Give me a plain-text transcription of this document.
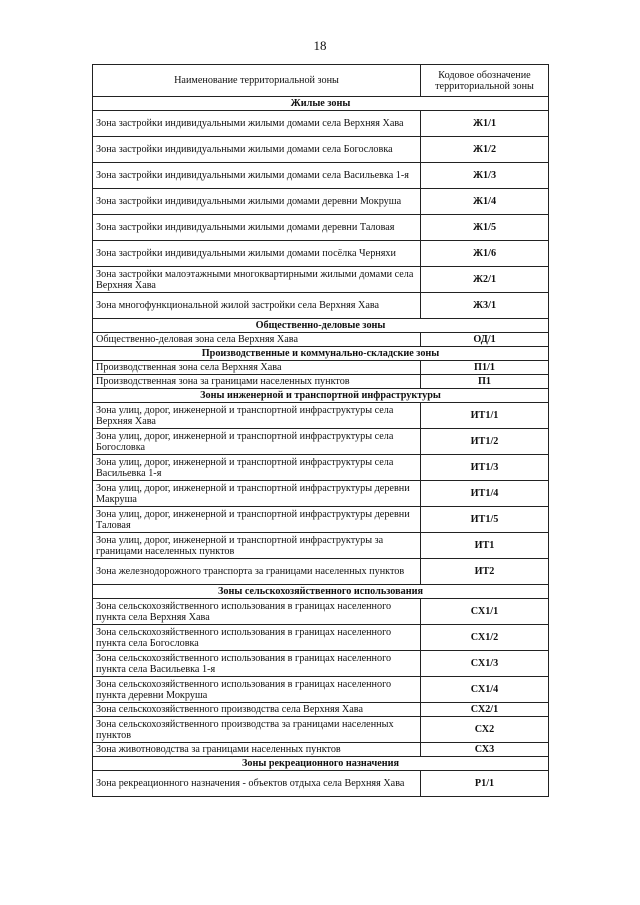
18
Наименование территориальной зоны	Кодовое обозначение территориальной зоны
Жилые зоны	
Зона застройки индивидуальными жилыми домами села Верхняя Хава	Ж1/1
Зона застройки индивидуальными жилыми домами села Богословка	Ж1/2
Зона застройки индивидуальными жилыми домами села Васильевка 1-я	Ж1/3
Зона застройки индивидуальными жилыми домами деревни Мокруша	Ж1/4
Зона застройки индивидуальными жилыми домами деревни Таловая	Ж1/5
Зона застройки индивидуальными жилыми домами посёлка Черняхи	Ж1/6
Зона застройки малоэтажными многоквартирными жилыми домами села Верхняя Хава	Ж2/1
Зона многофункциональной жилой застройки села Верхняя Хава	Ж3/1
Общественно-деловые зоны	
Общественно-деловая зона села Верхняя Хава	ОД/1
Производственные и коммунально-складские зоны	
Производственная зона села Верхняя Хава	П1/1
Производственная зона за границами населенных пунктов	П1
Зоны инженерной и транспортной инфраструктуры	
Зона улиц, дорог, инженерной и транспортной инфраструктуры села Верхняя Хава	ИТ1/1
Зона улиц, дорог, инженерной и транспортной инфраструктуры села Богословка	ИТ1/2
Зона улиц, дорог, инженерной и транспортной инфраструктуры села Васильевка 1-я	ИТ1/3
Зона улиц, дорог, инженерной и транспортной инфраструктуры деревни Макруша	ИТ1/4
Зона улиц, дорог, инженерной и транспортной инфраструктуры деревни Таловая	ИТ1/5
Зона улиц, дорог, инженерной и транспортной инфраструктуры за границами населенных пунктов	ИТ1
Зона железнодорожного транспорта за границами населенных пунктов	ИТ2
Зоны сельскохозяйственного использования	
Зона сельскохозяйственного использования в границах населенного пункта села Верхняя Хава	СХ1/1
Зона сельскохозяйственного использования в границах населенного пункта села Богословка	СХ1/2
Зона сельскохозяйственного использования в границах населенного пункта села Васильевка 1-я	СХ1/3
Зона сельскохозяйственного использования в границах населенного пункта деревни Мокруша	СХ1/4
Зона сельскохозяйственного производства села Верхняя Хава	СХ2/1
Зона сельскохозяйственного производства за границами населенных пунктов	СХ2
Зона животноводства за границами населенных пунктов	СХ3
Зоны рекреационного назначения	
Зона рекреационного назначения - объектов отдыха села Верхняя Хава	Р1/1
